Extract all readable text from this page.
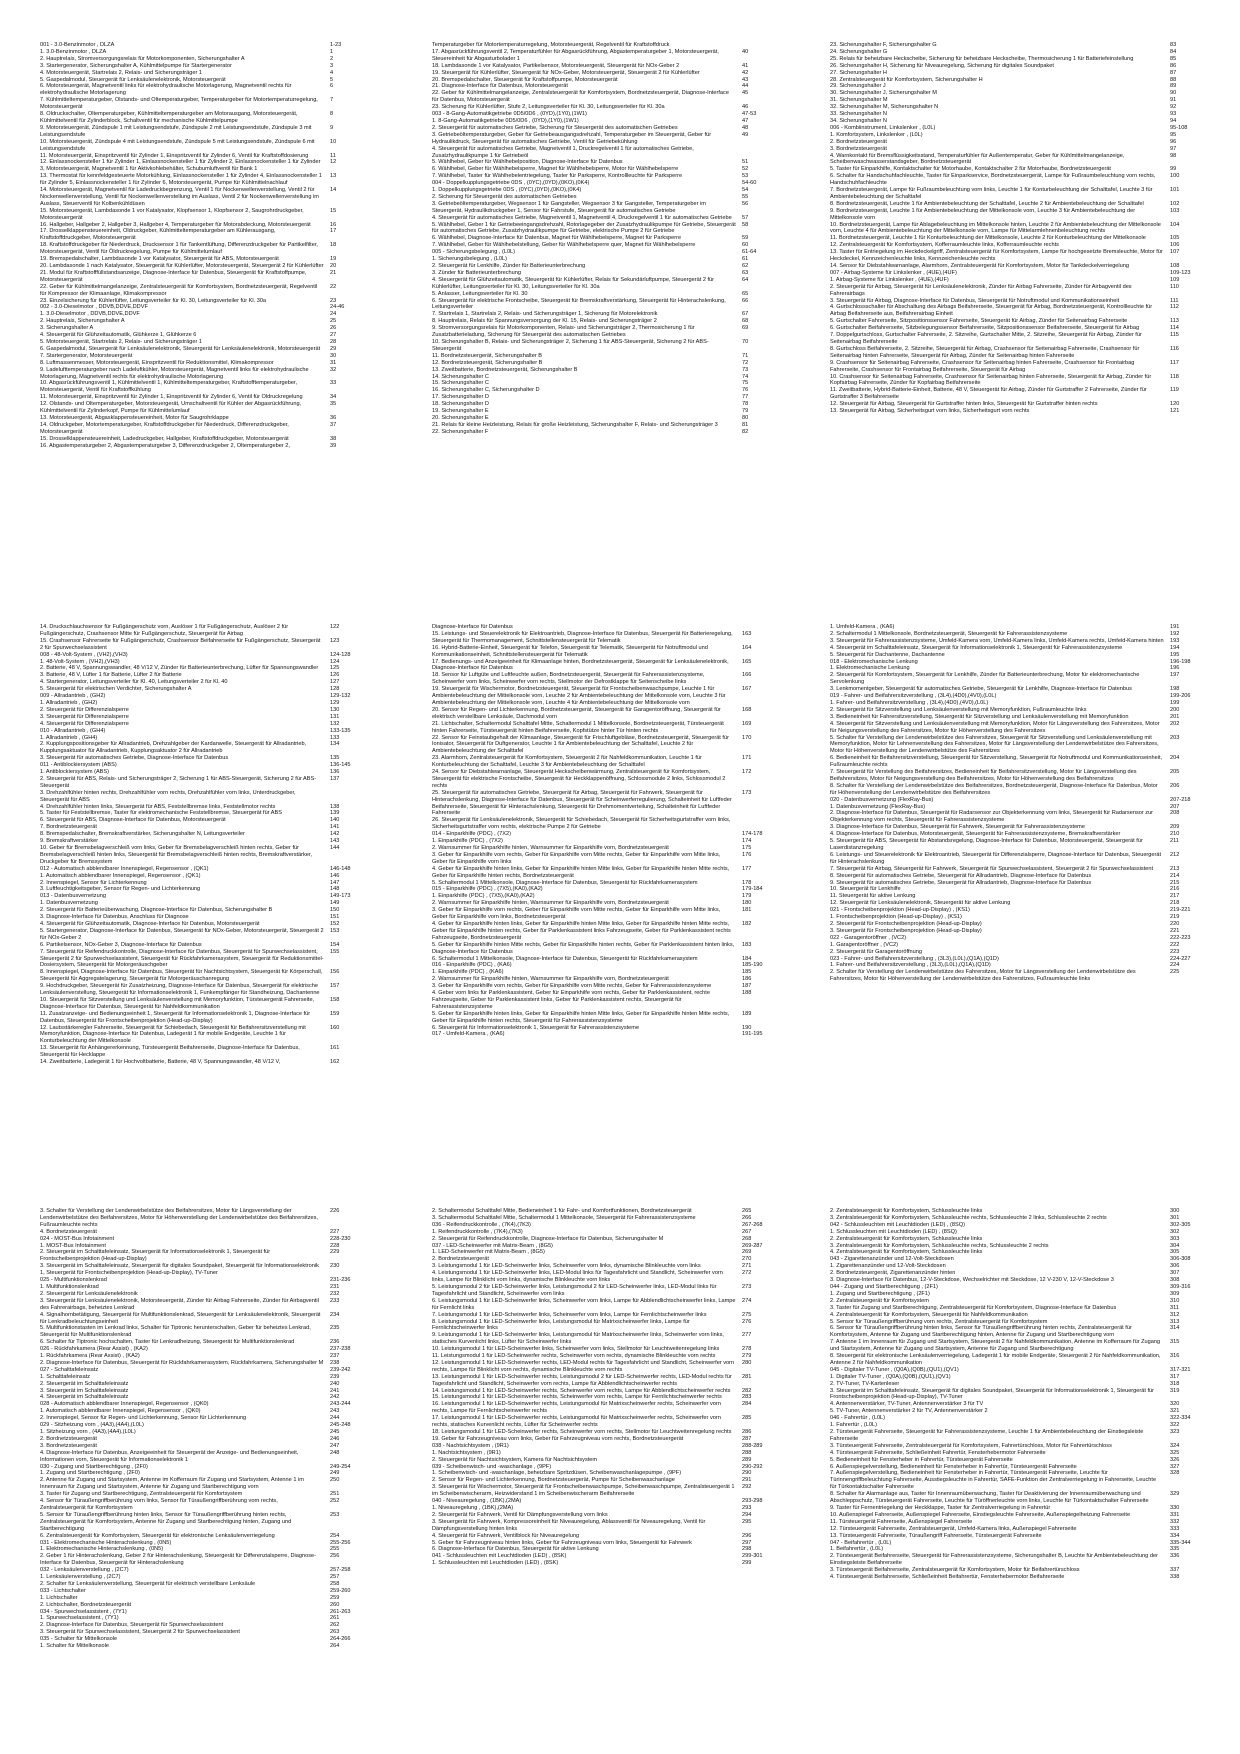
001 - 3.0-Benzinmotor , DLZA	1-23
1. 3.0-Benzinmotor , DLZA	1
2. Hauptrelais, Stromversorgungsrelais für Motorkomponenten, Sicherungshalter A	2
3. Startergenerator, Sicherungshalter A, Kühlmittelpumpe für Startergenerator	3
4. Motorsteuergerät, Startrelais 2, Relais- und Sicherungsträger 1	4
5. Gaspedalmodul, Steuergerät für Lenksäulenelektronik, Motorsteuergerät	5
6. Motorsteuergerät, Magnetventil links für elektrohydraulische Motorlagerung, Magnetventil rechts für elektrohydraulische Motorlagerung
6
7. Kühlmitteltemperaturgeber, Ölstands- und Öltemperaturgeber, Temperaturgeber für Motortemperaturregelung, Motorsteuergerät
7
8. Öldruckschalter, Öltemperaturgeber, Kühlmitteltemperaturgeber am Motorausgang, Motorsteuergerät, Kühlmittelventil für Zylinderblock, Schaltventil für mechanische Kühlmittelpumpe
8
9. Motorsteuergerät, Zündspule 1 mit Leistungsendstufe, Zündspule 2 mit Leistungsendstufe, Zündspule 3 mit Leistungsendstufe
9
10. Motorsteuergerät, Zündspule 4 mit Leistungsendstufe, Zündspule 5 mit Leistungsendstufe, Zündspule 6 mit Leistungsendstufe
10
11. Motorsteuergerät, Einspritzventil für Zylinder 1, Einspritzventil für Zylinder 6, Ventil für Kraftstoffdosierung	11
12. Einlassnockensteller 1 für Zylinder 1, Einlassnockensteller 1 für Zylinder 2, Einlassnockensteller 1 für Zylinder 3, Motorsteuergerät, Magnetventil 1 für Aktivkohlebehälter, Schubumluftventil für Bank 1
12
13. Thermostat für kennfeldgesteuerte Motorkühlung, Einlassnockensteller 1 für Zylinder 4, Einlassnockensteller 1 für Zylinder 5, Einlassnockensteller 1 für Zylinder 6, Motorsteuergerät, Pumpe für Kühlmittelnachlauf
13
14. Motorsteuergerät, Magnetventil für Ladedruckbegrenzung, Ventil 1 für Nockenwellenverstellung, Ventil 2 für Nockenwellenverstellung, Ventil für Nockenwellenverstellung im Auslass, Ventil 2 für Nockenwellenverstellung im Auslass, Steuerventil für Kolbenkühldüsen
14
15. Motorsteuergerät, Lambdasonde 1 vor Katalysator, Klopfsensor 1, Klopfsensor 2, Saugrohrdruckgeber, Motorsteuergerät
15
16. Hallgeber, Hallgeber 2, Hallgeber 3, Hallgeber 4, Temperaturgeber für Motorabdeckung, Motorsteuergerät	16
17. Drosselklappensteuereinheit, Öldruckgeber, Kühlmitteltemperaturgeber am Kühlerausgang, Kraftstoffdruckgeber, Motorsteuergerät
17
18. Kraftstoffdruckgeber für Niederdruck, Drucksensor 1 für Tankentlüftung, Differenzdruckgeber für Partikelfilter, Motorsteuergerät, Ventil für Öldruckregelung, Pumpe für Kühlmittelumlauf
18
19. Bremspedalschalter, Lambdasonde 1 vor Katalysator, Steuergerät für ABS, Motorsteuergerät	19
20. Lambdasonde 1 nach Katalysator, Steuergerät für Kühlerlüfter, Motorsteuergerät, Steuergerät 2 für Kühlerlüfter	20
21. Modul für Kraftstofffüllstandsanzeige, Diagnose-Interface für Datenbus, Steuergerät für Kraftstoffpumpe, Motorsteuergerät
21
22. Geber für Kühlmittelmangelanzeige, Zentralsteuergerät für Komfortsystem, Bordnetzsteuergerät, Regelventil für Kompressor der Klimaanlage, Klimakompressor
22
23. Einzelsicherung für Kühlerlüfter, Leitungsverteiler für Kl. 30, Leitungsverteiler für Kl. 30a	23
002 - 3.0-Dieselmotor , DDVB,DDVE,DDVF	24-46
1. 3.0-Dieselmotor , DDVB,DDVE,DDVF	24
2. Hauptrelais, Sicherungshalter A	25
3. Sicherungshalter A	26
4. Steuergerät für Glühzeitautomatik, Glühkerze 1, Glühkerze 6	27
5. Motorsteuergerät, Startrelais 2, Relais- und Sicherungsträger 1	28
6. Gaspedalmodul, Steuergerät für Lenksäulenelektronik, Steuergerät für Lenksäulenelektronik, Motorsteuergerät	29
7. Startergenerator, Motorsteuergerät	30
8. Luftmassenmesser, Motorsteuergerät, Einspritzventil für Reduktionsmittel, Klimakompressor	31
9. Ladelufttemperaturgeber nach Ladeluftkühler, Motorsteuergerät, Magnetventil links für elektrohydraulische Motorlagerung, Magnetventil rechts für elektrohydraulische Motorlagerung
32
10. Abgasrückführungsventil 1, Kühlmittelventil 1, Kühlmitteltemperaturgeber, Kraftstofftemperaturgeber, Motorsteuergerät, Ventil für Kraftstoffkühlung
33
11. Motorsteuergerät, Einspritzventil für Zylinder 1, Einspritzventil für Zylinder 6, Ventil für Öldruckregelung	34
12. Ölstands- und Öltemperaturgeber, Motorsteuergerät, Umschaltventil für Kühler der Abgasrückführung, Kühlmittelventil für Zylinderkopf, Pumpe für Kühlmittelumlauf
35
13. Motorsteuergerät, Abgasklappensteuereinheit, Motor für Saugrohrklappe	36
14. Öldruckgeber, Motortemperaturgeber, Kraftstoffdruckgeber für Niederdruck, Differenzdruckgeber, Motorsteuergerät
37
15. Drosselklappensteuereinheit, Ladedruckgeber, Hallgeber, Kraftstoffdruckgeber, Motorsteuergerät	38
16. Abgastemperaturgeber 2, Abgastemperaturgeber 3, Differenzdruckgeber 2, Öltemperaturgeber 2,	39
Temperaturgeber für Motortemperaturregelung, Motorsteuergerät, Regelventil für Kraftstoffdruck
17. Abgasrückführungsventil 2, Temperaturfühler für Abgasrückführung, Abgastemperaturgeber 1, Motorsteuergerät, Steuereinheit für Abgasturbolader 1
40
18. Lambdasonde 1 vor Katalysator, Partikelsensor, Motorsteuergerät, Steuergerät für NOx-Geber 2	41
19. Steuergerät für Kühlerlüfter, Steuergerät für NOx-Geber, Motorsteuergerät, Steuergerät 2 für Kühlerlüfter	42
20. Bremspedalschalter, Steuergerät für Kraftstoffpumpe, Motorsteuergerät	43
21. Diagnose-Interface für Datenbus, Motorsteuergerät	44
22. Geber für Kühlmittelmangelanzeige, Zentralsteuergerät für Komfortsystem, Bordnetzsteuergerät, Diagnose-Interface für Datenbus, Motorsteuergerät
45
23. Sicherung für Kühlerlüfter, Stufe 2, Leitungsverteiler für Kl. 30, Leitungsverteiler für Kl. 30a	46
003 - 8-Gang-Automatikgetriebe 0D5/0D6 , (0YD),(1Y0),(1W1)	47-53
1. 8-Gang-Automatikgetriebe 0D5/0D6 , (0YD),(1Y0),(1W1)	47
2. Steuergerät für automatisches Getriebe, Sicherung für Steuergerät des automatischen Getriebes	48
3. Getriebeöltemperaturgeber, Geber für Getriebeausgangsdrehzahl, Temperaturgeber im Steuergerät, Geber für Hydraulikdruck, Steuergerät für automatisches Getriebe, Ventil für Getriebekühlung
49
4. Steuergerät für automatisches Getriebe, Magnetventil 1, Druckregelventil 1 für automatisches Getriebe, Zusatzhydraulikpumpe 1 für Getriebeöl
5. Wählhebel, Geber für Wählhebelposition, Diagnose-Interface für Datenbus	51
6. Wählhebel, Geber für Wählhebelsperre, Magnet für Wählhebelsperre, Motor für Wählhebelsperre	52
7. Wählhebel, Taster für Wählhebelentriegelung, Taster für Parksperre, Kontrollleuchte für Parksperre	53
004 - Doppelkupplungsgetriebe 0DS , (0YC),(0YD),(0KO),(0K4)	54-60
1. Doppelkupplungsgetriebe 0DS , (0YC),(0YD),(0KO),(0K4)	54
2. Sicherung für Steuergerät des automatischen Getriebes	55
3. Getriebeöltemperaturgeber, Wegsensor 1 für Gangsteller, Wegsensor 3 für Gangsteller, Temperaturgeber im Steuergerät, Hydraulikdruckgeber 1, Sensor für Fahrstufe, Steuergerät für automatisches Getriebe
56
4. Steuergerät für automatisches Getriebe, Magnetventil 1, Magnetventil 4, Druckregelventil 1 für automatisches Getriebe	57
5. Wählhebel, Geber 1 für Getriebeeingangsdrehzahl, Rotorlagegeber der Zusatzhydraulikpumpe für Getriebe, Steuergerät für automatisches Getriebe, Zusatzhydraulikpumpe für Getriebe, elektrische Pumpe 2 für Getriebe
58
6. Wählhebel, Diagnose-Interface für Datenbus, Magnet für Wählhebelsperre, Magnet für Parksperre	59
7. Wählhebel, Geber für Wählhebelstellung, Geber für Wählhebelsperre quer, Magnet für Wählhebelsperre	60
005 - Sicherungsbelegung , (L0L)	61-64
1. Sicherungsbelegung , (L0L)	61
2. Steuergerät für Lenkhilfe, Zünder für Batterieunterbrechung	62
3. Zünder für Batterieunterbrechung	63
4. Steuergerät für Glühzeitautomatik, Steuergerät für Kühlerlüfter, Relais für Sekundärluftpumpe, Steuergerät 2 für Kühlerlüfter, Leitungsverteiler für Kl. 30, Leitungsverteiler für Kl. 30a
64
5. Anlasser, Leitungsverteiler für Kl. 30	65
6. Steuergerät für elektrische Frontscheibe, Steuergerät für Bremskraftverstärkung, Steuergerät für Hinterachslenkung, Leitungsverteiler
66
7. Startrelais 1, Startrelais 2, Relais- und Sicherungsträger 1, Sicherung für Motorelektronik	67
8. Hauptrelais, Relais für Spannungsversorgung der Kl. 15, Relais- und Sicherungsträger 2	68
9. Stromversorgungsrelais für Motorkomponenten, Relais- und Sicherungsträger 2, Thermosicherung 1 für Zusatzbatterieladung, Sicherung für Steuergerät des automatischen Getriebes
69
10. Sicherungshalter B, Relais- und Sicherungsträger 2, Sicherung 1 für ABS-Steuergerät, Sicherung 2 für ABS-Steuergerät
70
11. Bordnetzsteuergerät, Sicherungshalter B	71
12. Bordnetzsteuergerät, Sicherungshalter B	72
13. Zweitbatterie, Bordnetzsteuergerät, Sicherungshalter B	73
14. Sicherungshalter C	74
15. Sicherungshalter C	75
16. Sicherungshalter C, Sicherungshalter D	76
17. Sicherungshalter D	77
18. Sicherungshalter D	78
19. Sicherungshalter E	79
20. Sicherungshalter E	80
21. Relais für kleine Heizleistung, Relais für große Heizleistung, Sicherungshalter F, Relais- und Sicherungsträger 3	81
22. Sicherungshalter F	82
23. Sicherungshalter F, Sicherungshalter G	83
24. Sicherungshalter G	84
25. Relais für beheizbare Heckscheibe, Sicherung für beheizbare Heckscheibe, Thermosicherung 1 für Batteriefeinstellung	85
26. Sicherungshalter H, Sicherung für Niveauregelung, Sicherung für digitales Soundpaket	86
27. Sicherungshalter H	87
28. Zentralsteuergerät für Komfortsystem, Sicherungshalter H	88
29. Sicherungshalter J	89
30. Sicherungshalter J, Sicherungshalter M	90
31. Sicherungshalter M	91
32. Sicherungshalter M, Sicherungshalter N	92
33. Sicherungshalter N	93
34. Sicherungshalter N	94
006 - Kombiinstrument, Linkslenker , (L0L)	95-108
1. Komfortsystem, Linkslenker , (L0L)	95
2. Bordnetzsteuergerät	96
3. Bordnetzsteuergerät	97
4. Warnkontakt für Bremsflüssigkeitsstand, Temperaturfühler für Außentemperatur, Geber für Kühlmittelmangelanzeige, Scheibenwaschwasserstandsgeber, Bordnetzsteuergerät
98
5. Taster für Einparkhilfe, Kontaktschalter für Motorhaube, Kontaktschalter 2 für Motorhaube, Bordnetzsteuergerät	99
6. Schalter für Handschuhfachleuchte, Taster für Einparkservice, Bordnetzsteuergerät, Lampe für Fußraumbeleuchtung vorn rechts, Handschuhfachleuchte
100
7. Bordnetzsteuergerät, Lampe für Fußraumbeleuchtung vorn links, Leuchte 1 für Konturbeleuchtung der Schalttafel, Leuchte 3 für Ambientebeleuchtung der Schalttafel
101
8. Bordnetzsteuergerät, Leuchte 1 für Ambientebeleuchtung der Schalttafel, Leuchte 2 für Ambientebeleuchtung der Schalttafel	102
9. Bordnetzsteuergerät, Leuchte 1 für Ambientebeleuchtung der Mittelkonsole vorn, Leuchte 3 für Ambientebeleuchtung der Mittelkonsole vorn
103
10. Bordnetzsteuergerät, Lampe für Ablagebeleuchtung im Mittelkonsole hinten, Leuchte 2 für Ambientebeleuchtung der Mittelkonsole vorn, Leuchte 4 für Ambientebeleuchtung der Mittelkonsole vorn, Lampe für Mittelarmlehnenbeleuchtung rechts
104
11. Bordnetzsteuergerät, Leuchte 1 für Konturbeleuchtung der Mittelkonsole, Leuchte 2 für Konturbeleuchtung der Mittelkonsole	105
12. Zentralsteuergerät für Komfortsystem, Kofferraumleuchte links, Kofferraumleuchte rechts	106
13. Taster für Entriegelung im Heckdeckelgriff, Zentralsteuergerät für Komfortsystem, Lampe für hochgesetzte Bremsleuchte, Motor für Heckdeckel, Kennzeichenleuchte links, Kennzeichenleuchte rechts
107
14. Sensor für Diebstahlwarnanlage, Alarmhorn, Zentralsteuergerät für Komfortsystem, Motor für Tankdeckelverriegelung	108
007 - Airbag-Systeme für Linkslenker , (4UE),(4UF)	109-123
1. Airbag-Systeme für Linkslenker , (4UE),(4UF)	109
2. Steuergerät für Airbag, Steuergerät für Lenksäulenelektronik, Zünder für Airbag Fahrerseite, Zünder für Airbagventil des Fahrerairbags
110
3. Steuergerät für Airbag, Diagnose-Interface für Datenbus, Steuergerät für Notruftmodul und Kommunikationseinheit	111
4. Gurtschlossschalter für Abschaltung des Airbags Beifahrerseite, Steuergerät für Airbag, Bordnetzsteuergerät, Kontrollleuchte für Airbag Beifahrerseite aus, Beifahrerairbag Einheit
112
5. Gurtschalter Fahrerseite, Sitzpositionssensor Fahrerseite, Steuergerät für Airbag, Zünder für Seitenairbag Fahrerseite	113
6. Gurtschalter Beifahrerseite, Sitzbelegungssensor Beifahrerseite, Sitzpositionssensor Beifahrerseite, Steuergerät für Airbag	114
7. Doppelgurtschloss, Gurtschalter Fahrerseite, 2. Sitzreihe, Gurtschalter Mitte, 2. Sitzreihe, Steuergerät für Airbag, Zünder für Seitenairbag Beifahrerseite
115
8. Gurtschloss Beifahrerseite, 2. Sitzreihe, Steuergerät für Airbag, Crashsensor für Seitenairbag Fahrerseite, Crashsensor für Seitenairbag hinten Fahrerseite, Steuergerät für Airbag, Zünder für Seitenairbag hinten Fahrerseite
116
9. Crashsensor für Seitenairbag Fahrerseite, Crashsensor für Seitenairbag hinten Fahrerseite, Crashsensor für Frontairbag Fahrerseite, Crashsensor für Frontairbag Beifahrerseite, Steuergerät für Airbag
117
10. Crashsensor für Seitenairbag Fahrerseite, Crashsensor für Seitenairbag hinten Fahrerseite, Steuergerät für Airbag, Zünder für Kopfairbag Fahrerseite, Zünder für Kopfairbag Beifahrerseite
118
11. Zweitbatterie, Hybrid-Batterie-Einheit, Batterie, 48 V, Steuergerät für Airbag, Zünder für Gurtstraffer 2 Fahrerseite, Zünder für Gurtstraffer 3 Beifahrerseite
119
12. Steuergerät für Airbag, Steuergerät für Gurtstraffer hinten links, Steuergerät für Gurtstraffer hinten rechts	120
13. Steuergerät für Airbag, Sicherheitsgurt vorn links, Sicherheitsgurt vorn rechts	121
14. Druckschlauchsensor für Fußgängerschutz vorn, Auslöser 1 für Fußgängerschutz, Auslöser 2 für Fußgängerschutz, Crashsensor Mitte für Fußgängerschutz, Steuergerät für Airbag
122
15. Crashsensor Fahrerseite für Fußgängerschutz, Crashsensor Beifahrerseite für Fußgängerschutz, Steuergerät 2 für Spurwechselassistent
123
008 - 48-Volt-System , (VH2),(VH3)	124-128
1. 48-Volt-System , (VH2),(VH3)	124
2. Batterie, 48 V, Spannungswandler, 48 V/12 V, Zünder für Batterieunterbrechung, Lüfter für Spannungswandler	125
3. Batterie, 48 V, Lüfter 1 für Batterie, Lüfter 2 für Batterie	126
4. Startergenerator, Leitungsverteiler für Kl. 40, Leitungsverteiler 2 für Kl. 40	127
5. Steuergerät für elektrischen Verdichter, Sicherungshalter A	128
009 - Allradantrieb , (GH2)	129-132
1. Allradantrieb , (GH2)	129
2. Steuergerät für Differenzialsperre	130
3. Steuergerät für Differenzialsperre	131
4. Steuergerät für Differenzialsperre	132
010 - Allradantrieb , (GH4)	133-135
1. Allradantrieb , (GH4)	133
2. Kupplungspositionsgeber für Allradantrieb, Drehzahlgeber der Kardanwelle, Steuergerät für Allradantrieb, Kupplungsaktuator für Allradantrieb, Kupplungsaktuator 2 für Allradantrieb
134
3. Steuergerät für automatisches Getriebe, Diagnose-Interface für Datenbus	135
011 - Antiblockiersystem (ABS)	136-145
1. Antiblockiersystem (ABS)	136
2. Steuergerät für ABS, Relais- und Sicherungsträger 2, Sicherung 1 für ABS-Steuergerät, Sicherung 2 für ABS-Steuergerät
137
3. Drehzahlfühler hinten rechts, Drehzahlfühler vorn rechts, Drehzahlfühler vorn links, Unterdruckgeber, Steuergerät für ABS
4. Drehzahlfühler hinten links, Steuergerät für ABS, Feststellbremse links, Feststellmotor rechts	138
5. Taster für Feststellbremse, Taster für elektromechanische Feststellbremse, Steuergerät für ABS	139
6. Steuergerät für ABS, Diagnose-Interface für Datenbus, Motorsteuergerät	140
7. Bordnetzsteuergerät	141
8. Bremspedalschalter, Bremskraftverstärker, Sicherungshalter N, Leitungsverteiler	142
9. Bremskraftverstärker	143
10. Geber für Bremsbelagverschleiß vorn links, Geber für Bremsbelagverschleiß hinten rechts, Geber für Bremsbelagverschleiß hinten links, Steuergerät für Bremsbelagverschleiß hinten rechts, Bremskraftverstärker, Druckgeber für Bremssystem
144
012 - Automatisch abblendbarer Innenspiegel, Regensensor , (QK1)	146-148
1. Automatisch abblendbarer Innenspiegel, Regensensor , (QK1)	146
2. Innenspiegel, Sensor für Lichterkennung	147
3. Luftfeuchtigkeitsgeber, Sensor für Regen- und Lichterkennung	148
013 - Datenbusvernetzung	149-173
1. Datenbusvernetzung	149
2. Steuergerät für Batterieüberwachung, Diagnose-Interface für Datenbus, Sicherungshalter B	150
3. Diagnose-Interface für Datenbus, Anschluss für Diagnose	151
4. Steuergerät für Glühzeitautomatik, Diagnose-Interface für Datenbus, Motorsteuergerät	152
5. Startergenerator, Diagnose-Interface für Datenbus, Steuergerät für NOx-Geber, Motorsteuergerät, Steuergerät 2 für NOx-Geber 2
153
6. Partikelsensor, NOx-Geber 3, Diagnose-Interface für Datenbus	154
7. Steuergerät für Reifendruckkontrolle, Diagnose-Interface für Datenbus, Steuergerät für Spurwechselassistent, Steuergerät 2 für Spurwechselassistent, Steuergerät für Rückfahrkamerasystem, Steuergerät für Reduktionsmittel-Dosiersystem, Steuergerät für Motorgeräuschgeber
155
8. Innenspiegel, Diagnose-Interface für Datenbus, Steuergerät für Nachtsichtsystem, Steuergerät für Körperschall, Steuergerät für Aggregatelagerung, Steuergerät für Motorgeräuschanregung
156
9. Hochdruckgeber, Steuergerät für Zusatzheizung, Diagnose-Interface für Datenbus, Steuergerät für elektrische Lenksäulenverstellung, Steuergerät für Informationselektronik 1, Funkempfänger für Standheizung, Dachantenne
157
10. Steuergerät für Sitzverstellung und Lenksäulenverstellung mit Memoryfunktion, Türsteuergerät Fahrerseite, Diagnose-Interface für Datenbus, Steuergerät für Nahfeldkommunikation
158
11. Zusatzanzeige- und Bedienungseinheit 1, Steuergerät für Informationselektronik 1, Diagnose-Interface für Datenbus, Steuergerät für Frontscheibenprojektion (Head-up-Display)
159
12. Lautsstärkeregler Fahrerseite, Steuergerät für Schiebedach, Steuergerät für Beifahrersitzverstellung mit Memoryfunktion, Diagnose-Interface für Datenbus, Ladegerät 1 für mobile Endgeräte, Leuchte 1 für Konturbeleuchtung der Mittelkonsole
160
13. Steuergerät für Anhängererkennung, Türsteuergerät Beifahrerseite, Diagnose-Interface für Datenbus, Steuergerät für Hecklappe
161
14. Zweitbatterie, Ladegerät 1 für Hochvoltbatterie, Batterie, 48 V, Spannungswandler, 48 V/12 V,	162
Diagnose-Interface für Datenbus
15. Leistungs- und Steuerelektronik für Elektroantrieb, Diagnose-Interface für Datenbus, Steuergerät für Batterieregelung, Steuergerät für Thermomanagement, Schnittstellensteuergerät für Telematik
163
16. Hybrid-Batterie-Einheit, Steuergerät für Telefon, Steuergerät für Telematik, Steuergerät für Notruftmodul und Kommunikationseinheit, Schnittstellensteuergerät für Telematik
164
17. Bedienungs- und Anzeigeeinheit für Klimaanlage hinten, Bordnetzsteuergerät, Steuergerät für Lenksäulenelektronik, Diagnose-Interface für Datenbus
165
18. Sensor für Luftgüte und Luftfeuchte außen, Bordnetzsteuergerät, Steuergerät für Fahrerassistenzsysteme, Scheinwerfer vorn links, Scheinwerfer vorn rechts, Stellmotor der Defrostklappe für Seitenscheibe links
166
19. Steuergerät für Wischermotor, Bordnetzsteuergerät, Steuergerät für Frontscheibenwaschpumpe, Leuchte 1 für Ambientebeleuchtung der Mittelkonsole vorn, Leuchte 2 für Ambientebeleuchtung der Mittelkonsole vorn, Leuchte 3 für Ambientebeleuchtung der Mittelkonsole vorn, Leuchte 4 für Ambientebeleuchtung der Mittelkonsole vorn
167
20. Sensor für Regen- und Lichterkennung, Bordnetzsteuergerät, Steuergerät für Garagentoröffnung, Steuergerät für elektrisch verstellbare Lenksäule, Dachmodul vorn
168
21. Lichtschalter, Schaltermodul Schalttafel Mitte, Schaltermodul 1 Mittelkonsole, Bordnetzsteuergerät, Türsteuergerät hinten Fahrerseite, Türsteuergerät hinten Beifahrerseite, Kopfstütze hinter Tür hinten rechts
169
22. Sensor für Feinstaubgehalt der Klimaanlage, Steuergerät für Frischluftgebläse, Bordnetzsteuergerät, Steuergerät für Ionisator, Steuergerät für Duftgenerator, Leuchte 1 für Ambientebeleuchtung der Schalttafel, Leuchte 2 für Ambientebeleuchtung der Schalttafel
170
23. Alarmhorn, Zentralsteuergerät für Komfortsystem, Steuergerät 2 für Nahfeldkommunikation, Leuchte 1 für Konturbeleuchtung der Schalttafel, Leuchte 3 für Ambientebeleuchtung der Schalttafel
171
24. Sensor für Diebstahlwarnanlage, Steuergerät Heckscheibenwärmung, Zentralsteuergerät für Komfortsystem, Steuergerät für elektrische Frontscheibe, Steuergerät für Heckklappenöffnung, Schlossmodule 2 links, Schlossmodul 2 rechts
172
25. Steuergerät für automatisches Getriebe, Steuergerät für Airbag, Steuergerät für Fahrwerk, Steuergerät für Hinterachslenkung, Diagnose-Interface für Datenbus, Steuergerät für Scheinwerferregulierung, Schalteinheit für Luftfeder Beifahrerseite, Steuergerät für Hinterachslenkung, Steuergerät für Drehmomentverteilung, Schalteinheit für Luftfeder Fahrerseite
173
26. Steuergerät für Lenksäulenelektronik, Steuergerät für Schiebedach, Steuergerät für Sicherheitsgurtstraffer vorn links, Sicherheitsgurtstraffer vorn rechts, elektrische Pumpe 2 für Getriebe
014 - Einparkhilfe (PDC) , (7X2)	174-178
1. Einparkhilfe (PDC) , (7X2)	174
2. Warnsummer für Einparkhilfe hinten, Warnsummer für Einparkhilfe vorn, Bordnetzsteuergerät	175
3. Geber für Einparkhilfe vorn rechts, Geber für Einparkhilfe vorn Mitte rechts, Geber für Einparkhilfe vorn Mitte links, Geber für Einparkhilfe vorn links
176
4. Geber für Einparkhilfe hinten links, Geber für Einparkhilfe hinten Mitte links, Geber für Einparkhilfe hinten Mitte rechts, Geber für Einparkhilfe hinten rechts, Bordnetzsteuergerät
177
5. Schaltermodul 1 Mittelkonsole, Diagnose-Interface für Datenbus, Steuergerät für Rückfahrkamerasystem	178
015 - Einparkhilfe (PDC) , (7X5),(KA0),(KA2)	179-184
1. Einparkhilfe (PDC) , (7X5),(KA0),(KA2)	179
2. Warnsummer für Einparkhilfe hinten, Warnsummer für Einparkhilfe vorn, Bordnetzsteuergerät	180
3. Geber für Einparkhilfe vorn rechts, Geber für Einparkhilfe vorn Mitte rechts, Geber für Einparkhilfe vorn Mitte links, Geber für Einparkhilfe vorn links, Bordnetzsteuergerät
181
4. Geber für Einparkhilfe hinten links, Geber für Einparkhilfe hinten Mitte links, Geber für Einparkhilfe hinten Mitte rechts, Geber für Einparkhilfe hinten rechts, Geber für Parklenkassistent links Fahrzeugseite, Geber für Parklenkassistent rechts Fahrzeugseite, Bordnetzsteuergerät
182
5. Geber für Einparkhilfe hinten Mitte rechts, Geber für Einparkhilfe hinten rechts, Geber für Parklenkassistent hinten links, Diagnose-Interface für Datenbus
183
6. Schaltermodul 1 Mittelkonsole, Diagnose-Interface für Datenbus, Steuergerät für Rückfahrkamerasystem	184
016 - Einparkhilfe (PDC) , (KA6)	185-190
1. Einparkhilfe (PDC) , (KA6)	185
2. Warnsummer für Einparkhilfe hinten, Warnsummer für Einparkhilfe vorn, Bordnetzsteuergerät	186
3. Geber für Einparkhilfe vorn rechts, Geber für Einparkhilfe vorn Mitte rechts, Geber für Fahrerassistenzsysteme	187
4. Geber vorn links für Parklenkassistent, Geber für Einparkhilfe vorn rechts, Geber für Parklenkassistent, rechte Fahrzeugseite, Geber für Parklenkassistent links, Geber für Parklenkassistent rechts, Steuergerät für Fahrerassistenzsysteme
188
5. Geber für Einparkhilfe hinten links, Geber für Einparkhilfe hinten Mitte links, Geber für Einparkhilfe hinten Mitte rechts, Geber für Einparkhilfe hinten rechts, Steuergerät für Fahrerassistenzsysteme
189
6. Steuergerät für Informationselektronik 1, Steuergerät für Fahrerassistenzsysteme	190
017 - Umfeld-Kamera , (KA6)	191-195
1. Umfeld-Kamera , (KA6)	191
2. Schaltermodul 1 Mittelkonsole, Bordnetzsteuergerät, Steuergerät für Fahrerassistenzsysteme	192
3. Steuergerät für Fahrerassistenzsysteme, Umfeld-Kamera vorn, Umfeld-Kamera links, Umfeld-Kamera rechts, Umfeld-Kamera hinten	193
4. Steuergerät im Schalttafeleinsatz, Steuergerät für Informationselektronik 1, Steuergerät für Fahrerassistenzsysteme	194
5. Steuergerät für Dachantenne, Dachantenne	195
018 - Elektromechanische Lenkung	196-198
1. Elektromechanische Lenkung	196
2. Steuergerät für Komfortsystem, Steuergerät für Lenkhilfe, Zünder für Batterieunterbrechung, Motor für elektromechanische Servolenkung
197
3. Lenkmomentgeber, Steuergerät für automatisches Getriebe, Steuergerät für Lenkhilfe, Diagnose-Interface für Datenbus	198
019 - Fahrer- und Beifahrersitzverstellung , (3L4),(4D0),(4V0),(L0L)	199-206
1. Fahrer- und Beifahrersitzverstellung , (3L4),(4D0),(4V0),(L0L)	199
2. Steuergerät für Sitzverstellung und Lenksäulenverstellung mit Memoryfunktion, Fußraumleuchte links	200
3. Bedieneinheit für Fahrersitzverstellung, Steuergerät für Sitzverstellung und Lenksäulenverstellung mit Memoryfunktion	201
4. Steuergerät für Sitzverstellung und Lenksäulenverstellung mit Memoryfunktion, Motor für Längsverstellung des Fahrersitzes, Motor für Neigungsverstellung des Fahrersitzes, Motor für Höhenverstellung des Fahrersitzes
202
5. Schalter für Verstellung der Lendenwirbelstütze des Fahrersitzes, Steuergerät für Sitzverstellung und Lenksäulenverstellung mit Memoryfunktion, Motor für Lehnenverstellung des Fahrersitzes, Motor für Längsverstellung der Lendenwirbelstütze des Fahrersitzes, Motor für Höhenverstellung der Lendenwirbelstütze des Fahrersitzes
203
6. Bedieneinheit für Beifahrersitzverstellung, Steuergerät für Sitzverstellung, Steuergerät für Notruftmodul und Kommunikationseinheit, Fußraumleuchte rechts
204
7. Steuergerät für Verstellung des Beifahrersitzes, Bedieneinheit für Beifahrersitzverstellung, Motor für Längsverstellung des Beifahrersitzes, Motor für Neigungsverstellung des Beifahrersitzes, Motor für Höhenverstellung des Beifahrersitzes
205
8. Schalter für Verstellung der Lendenwirbelstütze des Beifahrersitzes, Bordnetzsteuergerät, Diagnose-Interface für Datenbus, Motor für Höhenverstellung der Lendenwirbelstütze des Beifahrersitzes
206
020 - Datenbusvernetzung (FlexRay-Bus)	207-218
1. Datenbusvernetzung (FlexRay-Bus)	207
2. Diagnose-Interface für Datenbus, Steuergerät für Radarsensor zur Objekterkennung vorn links, Steuergerät für Radarsensor zur Objekterkennung vorn rechts, Steuergerät für Fahrerassistenzsysteme
208
3. Diagnose-Interface für Datenbus, Steuergerät für Fahrwerk, Steuergerät für Fahrerassistenzsysteme	209
4. Diagnose-Interface für Datenbus, Motorsteuergerät, Steuergerät für Fahrerassistenzsysteme, Bremskraftverstärker	210
5. Steuergerät für ABS, Steuergerät für Abstandsregelung, Diagnose-Interface für Datenbus, Motorsteuergerät, Steuergerät für Laserdistanzregelung
211
6. Leistungs- und Steuerelektronik für Elektroantrieb, Steuergerät für Differenzialsperre, Diagnose-Interface für Datenbus, Steuergerät für Hinterachslenkung
212
7. Steuergerät für Airbag, Steuergerät für Fahrwerk, Steuergerät für Spurwechselassistent, Steuergerät 2 für Spurwechselassistent	213
8. Steuergerät für automatisches Getriebe, Steuergerät für Allradantrieb, Diagnose-Interface für Datenbus	214
9. Steuergerät für automatisches Getriebe, Steuergerät für Allradantrieb, Diagnose-Interface für Datenbus	215
10. Steuergerät für Lenkhilfe	216
11. Steuergerät für aktive Lenkung	217
12. Steuergerät für Lenksäulenelektronik, Steuergerät für aktive Lenkung	218
021 - Frontscheibenprojektion (Head-up-Display) , (KS1)	219-221
1. Frontscheibenprojektion (Head-up-Display) , (KS1)	219
2. Steuergerät für Frontscheibenprojektion (Head-up-Display)	220
3. Steuergerät für Frontscheibenprojektion (Head-up-Display)	221
022 - Garagentoröffner , (VC2)	222-223
1. Garagentoröffner , (VC2)	222
2. Steuergerät für Garagentoröffnung	223
023 - Fahrer- und Beifahrersitzverstellung , (3L3),(L0L),(Q1A),(Q1D)	224-227
1. Fahrer- und Beifahrersitzverstellung , (3L3),(L0L),(Q1A),(Q1D)	224
2. Schalter für Verstellung der Lendenwirbelstütze des Fahrersitzes, Motor für Längsverstellung der Lendenwirbelstütze des Fahrersitzes, Motor für Höhenverstellung der Lendenwirbelstütze des Fahrersitzes, Fußraumleuchte links
225
3. Schalter für Verstellung der Lendenwirbelstütze des Beifahrersitzes, Motor für Längsverstellung der Lendenwirbelstütze des Beifahrersitzes, Motor für Höhenverstellung der Lendenwirbelstütze des Beifahrersitzes, Fußraumleuchte rechts
226
4. Bordnetzsteuergerät	227
024 - MOST-Bus Infotainment	228-230
1. MOST-Bus Infotainment	228
2. Steuergerät im Schalttafeleinsatz, Steuergerät für Informationselektronik 1, Steuergerät für Frontscheibenprojektion (Head-up-Display)
229
3. Steuergerät im Schalttafeleinsatz, Steuergerät für digitales Soundpaket, Steuergerät für Informationselektronik 1, Steuergerät für Frontscheibenprojektion (Head-up-Display), TV-Tuner
230
025 - Multifunktionslenkrad	231-236
1. Multifunktionslenkrad	231
2. Steuergerät für Lenksäulenelektronik	232
3. Steuergerät für Lenksäulenelektronik, Motorsteuergerät, Zünder für Airbag Fahrerseite, Zünder für Airbagventil des Fahrerairbags, beheiztes Lenkrad
233
4. Signalhornbetätigung, Steuergerät für Multifunktionslenkrad, Steuergerät für Lenksäulenelektronik, Steuergerät für Lenkradbeleuchtungseinheit
234
5. Multifunktionstasten im Lenkrad links, Schalter für Tiptronic herunterschalten, Geber für beheiztes Lenkrad, Steuergerät für Multifunktionslenkrad
235
6. Schalter für Tiptronic hochschalten, Taster für Lenkradheizung, Steuergerät für Multifunktionslenkrad	236
026 - Rückfahrkamera (Rear Assist) , (KA2)	237-238
1. Rückfahrkamera (Rear Assist) , (KA2)	237
2. Diagnose-Interface für Datenbus, Steuergerät für Rückfahrkamerasystem, Rückfahrkamera, Sicherungshalter M	238
027 - Schalttafeleinsatz	239-242
1. Schalttafeleinsatz	239
2. Steuergerät im Schalttafeleinsatz	240
3. Steuergerät im Schalttafeleinsatz	241
4. Steuergerät im Schalttafeleinsatz	242
028 - Automatisch abblendbarer Innenspiegel, Regensensor , (QK0)	243-244
1. Automatisch abblendbarer Innenspiegel, Regensensor , (QK0)	243
2. Innenspiegel, Sensor für Regen- und Lichterkennung, Sensor für Lichterkennung	244
029 - Sitzheizung vorn , (4A3),(4A4),(L0L)	245-248
1. Sitzheizung vorn , (4A3),(4A4),(L0L)	245
2. Bordnetzsteuergerät	246
3. Bordnetzsteuergerät	247
4. Diagnose-Interface für Datenbus, Anzeigeeinheit für Steuergerät der Anzeige- und Bedienungseinheit, Informationen vorn, Steuergerät für Informationselektronik 1
248
030 - Zugang und Startberechtigung , (2F0)	249-254
1. Zugang und Startberechtigung , (2F0)	249
2. Antenne für Zugang und Startsystem, Antenne im Kofferraum für Zugang und Startsystem, Antenne 1 im Innenraum für Zugang und Startsystem, Antenne für Zugang und Startberechtigung vorn
250
3. Taster für Zugang und Startberechtigung, Zentralsteuergerät für Komfortsystem	251
4. Sensor für Türaußengriffberührung vorn links, Sensor für Türaußengriffberührung vorn rechts, Zentralsteuergerät für Komfortsystem
252
5. Sensor für Türaußengriffberührung hinten links, Sensor für Türaußengriffberührung hinten rechts, Zentralsteuergerät für Komfortsystem, Antenne für Zugang und Startberechtigung hinten, Zugang und Startberechtigung
253
6. Zentralsteuergerät für Komfortsystem, Steuergerät für elektronische Lenksäulenverriegelung	254
031 - Elektromechanische Hinterachslenkung , (0N5)	255-256
1. Elektromechanische Hinterachslenkung , (0N5)	255
2. Geber 1 für Hinterachslenkung, Geber 2 für Hinterachslenkung, Steuergerät für Differenzialsperre, Diagnose-Interface für Datenbus, Steuergerät für Hinterachslenkung
256
032 - Lenksäulenverstellung , (2C7)	257-258
1. Lenksäulenverstellung , (2C7)	257
2. Schalter für Lenksäulenverstellung, Steuergerät für elektrisch verstellbare Lenksäule	258
033 - Lichtschalter	259-260
1. Lichtschalter	259
2. Lichtschalter, Bordnetzsteuergerät	260
034 - Spurwechselassistent , (7Y1)	261-263
1. Spurwechselassistent , (7Y1)	261
2. Diagnose-Interface für Datenbus, Steuergerät für Spurwechselassistent	262
3. Steuergerät für Spurwechselassistent, Steuergerät 2 für Spurwechselassistent	263
035 - Schalter für Mittelkonsole	264-266
1. Schalter für Mittelkonsole	264
2. Schaltermodul Schalttafel Mitte, Bedieneinheit 1 für Fahr- und Komfortfunktionen, Bordnetzsteuergerät	265
3. Schaltermodul Schalttafel Mitte, Schaltermodul 1 Mittelkonsole, Steuergerät für Fahrerassistenzsysteme	266
036 - Reifendruckkontrolle , (7K4),(7K3)	267-268
1. Reifendruckkontrolle , (7K4),(7K3)	267
2. Steuergerät für Reifendruckkontrolle, Diagnose-Interface für Datenbus, Sicherungshalter M	268
037 - LED-Scheinwerfer mit Matrix-Beam , (8G5)	269-287
1. LED-Scheinwerfer mit Matrix-Beam , (8G5)	269
2. Bordnetzsteuergerät	270
3. Leistungsmodul 1 für LED-Scheinwerfer links, Scheinwerfer vorn links, dynamische Blinkleuchte vorn links	271
4. Leistungsmodul 1 für LED-Scheinwerfer links, LED-Modul links für Tagesfahrlicht und Standlicht, Scheinwerfer vorn links, Lampe für Blinklicht vorn links, dynamische Blinkleuchte vorn links
272
5. Leistungsmodul 2 für LED-Scheinwerfer links, Leistungsmodul 2 für LED-Scheinwerfer links, LED-Modul links für Tagesfahrlicht und Standlicht, Scheinwerfer vorn links
273
6. Leistungsmodul 1 für LED-Scheinwerfer links, Scheinwerfer vorn links, Lampe für Abblendlichtscheinwerfer links, Lampe für Fernlicht links
274
7. Leistungsmodul 1 für LED-Scheinwerfer links, Scheinwerfer vorn links, Lampe für Fernlichtscheinwerfer links	275
8. Leistungsmodul 1 für LED-Scheinwerfer links, Leistungsmodul für Matrixscheinwerfer links, Lampe für Fernlichtscheinwerfer links
276
9. Leistungsmodul 1 für LED-Scheinwerfer links, Leistungsmodul für Matrixscheinwerfer links, Scheinwerfer vorn links, statisches Kurvenlicht links, Lüfter für Scheinwerfer links
277
10. Leistungsmodul 1 für LED-Scheinwerfer links, Scheinwerfer vorn links, Stellmotor für Leuchtweitenregelung links	278
11. Leistungsmodul 1 für LED-Scheinwerfer rechts, Scheinwerfer vorn rechts, dynamische Blinkleuchte vorn rechts	279
12. Leistungsmodul 1 für LED-Scheinwerfer rechts, LED-Modul rechts für Tagesfahrlicht und Standlicht, Scheinwerfer vorn rechts, Lampe für Blinklicht vorn rechts, dynamische Blinkleuchte vorn rechts
280
13. Leistungsmodul 1 für LED-Scheinwerfer rechts, Leistungsmodul 2 für LED-Scheinwerfer rechts, LED-Modul rechts für Tagesfahrlicht und Standlicht, Scheinwerfer vorn rechts, Lampe für Abblendlichtscheinwerfer rechts
281
14. Leistungsmodul 1 für LED-Scheinwerfer rechts, Scheinwerfer vorn rechts, Lampe für Abblendlichtscheinwerfer rechts	282
15. Leistungsmodul 1 für LED-Scheinwerfer rechts, Scheinwerfer vorn rechts, Lampe für Fernlichtscheinwerfer rechts	283
16. Leistungsmodul 1 für LED-Scheinwerfer rechts, Leistungsmodul für Matrixscheinwerfer rechts, Scheinwerfer vorn rechts, Lampe für Fernlichtscheinwerfer rechts
284
17. Leistungsmodul 1 für LED-Scheinwerfer rechts, Leistungsmodul für Matrixscheinwerfer rechts, Scheinwerfer vorn rechts, statisches Kurvenlicht rechts, Lüfter für Scheinwerfer rechts
285
18. Leistungsmodul 1 für LED-Scheinwerfer rechts, Scheinwerfer vorn rechts, Stellmotor für Leuchtweitenregelung rechts	286
19. Geber für Fahrzeugniveau vorn links, Geber für Fahrzeugniveau vorn rechts, Bordnetzsteuergerät	287
038 - Nachtsichtsystem , (9R1)	288-289
1. Nachtsichtsystem , (9R1)	288
2. Steuergerät für Nachtsichtsystem, Kamera für Nachtsichtsystem	289
039 - Scheibenwisch- und -waschanlage , (9PF)	290-292
1. Scheibenwisch- und -waschanlage, beheizbare Spritzdüsen, Scheibenwaschanlagepumpe , (9PF)	290
2. Sensor für Regen- und Lichterkennung, Bordnetzsteuergerät, Pumpe für Scheibenwaschanlage	291
3. Steuergerät für Wischermotor, Steuergerät für Frontscheibenwaschpumpe, Scheibenwaschpumpe, Zentralsteuergerät 1 im Scheibenwischerarm, Heizwiderstand 1 im Scheibenwischerarm Beifahrerseite
292
040 - Niveauregelung , (1BK),(2MA)	293-298
1. Niveauregelung , (1BK),(2MA)	293
2. Steuergerät für Fahrwerk, Ventil für Dämpfungsverstellung vorn links	294
3. Steuergerät für Fahrwerk, Kompressoreinheit für Niveauregelung, Ablassventil für Niveauregelung, Ventil für Dämpfungsverstellung hinten links
295
4. Steuergerät für Fahrwerk, Ventilblock für Niveauregelung	296
5. Geber für Fahrzeugniveau hinten links, Geber für Fahrzeugniveau vorn links, Steuergerät für Fahrwerk	297
6. Diagnose-Interface für Datenbus, Steuergerät für aktive Lenkung	298
041 - Schlussleuchten mit Leuchtdioden (LED) , (8SK)	299-301
1. Schlussleuchten mit Leuchtdioden (LED) , (8SK)	299
2. Zentralsteuergerät für Komfortsystem, Schlussleuchte links	300
3. Zentralsteuergerät für Komfortsystem, Schlussleuchte rechts, Schlussleuchte 2 links, Schlussleuchte 2 rechts	301
042 - Schlussleuchten mit Leuchtdioden (LED) , (8SQ)	302-305
1. Schlussleuchten mit Leuchtdioden (LED) , (8SQ)	302
2. Zentralsteuergerät für Komfortsystem, Schlussleuchte links	303
3. Zentralsteuergerät für Komfortsystem, Schlussleuchte rechts, Schlussleuchte 2 rechts	304
4. Zentralsteuergerät für Komfortsystem, Schlussleuchte links	305
043 - Zigarettenanzünder und 12-Volt-Steckdosen	306-308
1. Zigarettenanzünder und 12-Volt-Steckdosen	306
2. Bordnetzsteuergerät, Zigarettenanzünder hinten	307
3. Diagnose-Interface für Datenbus, 12-V-Steckdose, Wechselrichter mit Steckdose, 12 V-230 V, 12-V-Steckdose 3	308
044 - Zugang und Startberechtigung , (2F1)	309-316
1. Zugang und Startberechtigung , (2F1)	309
2. Zentralsteuergerät für Komfortsystem	310
3. Taster für Zugang und Startberechtigung, Zentralsteuergerät für Komfortsystem, Diagnose-Interface für Datenbus	311
4. Zentralsteuergerät für Komfortsystem, Steuergerät für Nahfeldkommunikation	312
5. Sensor für Türaußengriffberührung vorn rechts, Zentralsteuergerät für Komfortsystem	313
6. Sensor für Türaußengriffberührung hinten links, Sensor für Türaußengriffberührung hinten rechts, Zentralsteuergerät für Komfortsystem, Antenne für Zugang und Startberechtigung hinten, Antenne für Zugang und Startberechtigung vorn
314
7. Antenne 1 im Innenraum für Zugang und Startsystem, Steuergerät 2 für Nahfeldkommunikation, Antenne im Kofferraum für Zugang und Startsystem, Antenne für Zugang und Startsystem, Antenne für Zugang und Startberechtigung
315
8. Steuergerät für elektronische Lenksäulenverriegelung, Ladegerät 1 für mobile Endgeräte, Steuergerät 2 für Nahfeldkommunikation, Antenne 2 für Nahfeldkommunikation
316
045 - Digitaler TV-Tuner , (Q0A),(Q0B),(QU1),(QV1)	317-321
1. Digitaler TV-Tuner , (Q0A),(Q0B),(QU1),(QV1)	317
2. TV-Tuner, TV-Kartenleser	318
3. Steuergerät im Schalttafeleinsatz, Steuergerät für digitales Soundpaket, Steuergerät für Informationselektronik 1, Steuergerät für Frontscheibenprojektion (Head-up-Display), TV-Tuner
319
4. Antennenverstärker, TV-Tuner, Antennenverstärker 3 für TV	320
5. TV-Tuner, Antennenverstärker 2 für TV, Antennenverstärker 2	321
046 - Fahrertür , (L0L)	322-334
1. Fahrertür , (L0L)	322
2. Türsteuergerät Fahrerseite, Steuergerät für Fahrerassistenzsysteme, Leuchte 1 für Ambientebeleuchtung der Einstiegsleiste Fahrerseite
323
3. Türsteuergerät Fahrerseite, Zentralsteuergerät für Komfortsystem, Fahrertürschloss, Motor für Fahrertürschloss	324
4. Türsteuergerät Fahrerseite, Schließeinheit Fahrertür, Fensterhebermotor Fahrerseite	325
5. Bedieneinheit für Fensterheber in Fahrertür, Türsteuergerät Fahrerseite	326
6. Außenspiegelverstellung, Bedieneinheit für Fensterheber in Fahrertür, Türsteuergerät Fahrerseite	327
7. Außenspiegelverstellung, Bedieneinheit für Fensterheber in Fahrertür, Türsteuergerät Fahrerseite, Leuchte für Türinnengriffbeleuchtung Fahrerseite, Ausstiegsleuchte in Fahrertür, SAFE-Funktion der Zentralverriegelung in Fahrerseite, Leuchte für Türkontaktschalter Fahrerseite
328
8. Schalter für Alarmanlage aus, Taster für Innenraumüberwachung, Taster für Deaktivierung der Innenraumüberwachung und Abschleppschutz, Türsteuergerät Fahrerseite, Leuchte für Türöffnerleuchte vorn links, Leuchte für Türkontaktschalter Fahrerseite
329
9. Taster für Fernentriegelung der Heckklappe, Taster für Zentralverriegelung in Fahrertür	330
10. Außenspiegel Fahrerseite, Außenspiegel Fahrerseite, Einstiegsleuchte Fahrerseite, Außenspiegelheizung Fahrerseite	331
11. Türsteuergerät Fahrerseite, Außenspiegel Fahrerseite	332
12. Türsteuergerät Fahrerseite, Zentralsteuergerät, Umfeld-Kamera links, Außenspiegel Fahrerseite	333
13. Türsteuergerät Fahrerseite, Türaußengriff Fahrerseite, Türsteuergerät Fahrerseite	334
047 - Beifahrertür , (L0L)	335-344
1. Beifahrertür , (L0L)	335
2. Türsteuergerät Beifahrerseite, Steuergerät für Fahrerassistenzsysteme, Sicherungshalter B, Leuchte für Ambientebeleuchtung der Einstiegsleiste Beifahrerseite
336
3. Türsteuergerät Beifahrerseite, Zentralsteuergerät für Komfortsystem, Motor für Beifahrertürschloss	337
4. Türsteuergerät Beifahrerseite, Schließeinheit Beifahrertür, Fensterhebermotor Beifahrerseite	338
